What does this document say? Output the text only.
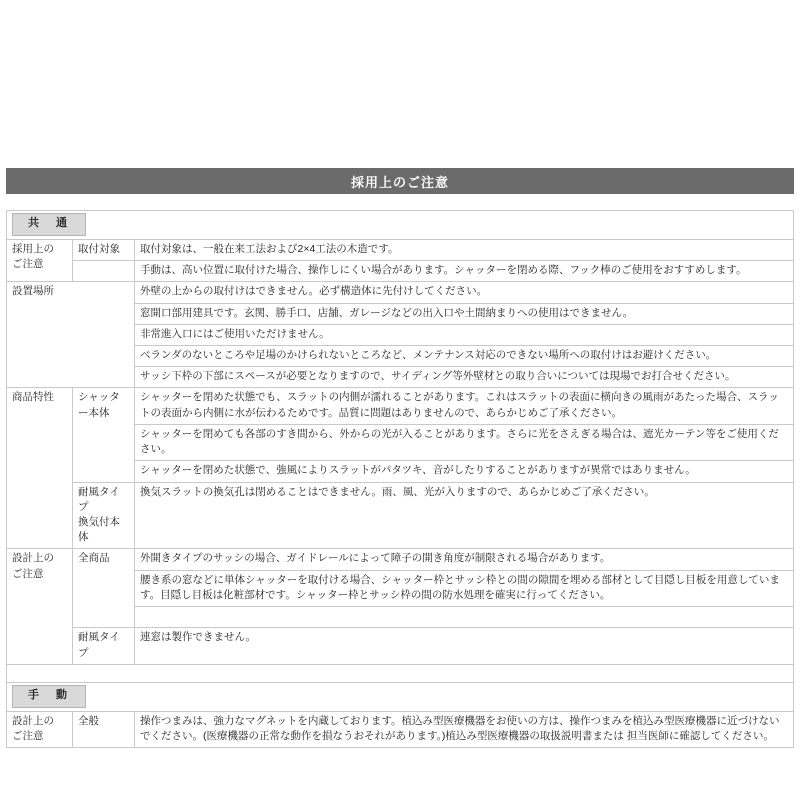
採用上のご注意
共　通		
採用上の
ご注意	取付対象	取付対象は、一般在来工法および2×4工法の木造です。
		手動は、高い位置に取付けた場合、操作しにくい場合があります。シャッターを閉める際、フック棒のご使用をおすすめします。
設置場所		外壁の上からの取付けはできません。必ず構造体に先付けしてください。
		窓開口部用建具です。玄関、勝手口、店舗、ガレージなどの出入口や土間納まりへの使用はできません。
		非常進入口にはご使用いただけません。
		ベランダのないところや足場のかけられないところなど、メンテナンス対応のできない場所への取付けはお避けください。
		サッシ下枠の下部にスペースが必要となりますので、サイディング等外壁材との取り合いについては現場でお打合せください。
商品特性	シャッター本体	シャッターを閉めた状態でも、スラットの内側が濡れることがあります。これはスラットの表面に横向きの風雨があたった場合、スラットの表面から内側に水が伝わるためです。品質に問題はありませんので、あらかじめご了承ください。
		シャッターを閉めても各部のすき間から、外からの光が入ることがあります。さらに光をさえぎる場合は、遮光カーテン等をご使用ください。
		シャッターを閉めた状態で、強風によりスラットがパタツキ、音がしたりすることがありますが異常ではありません。
	耐風タイプ
換気付本体	換気スラットの換気孔は閉めることはできません。雨、風、光が入りますので、あらかじめご了承ください。
設計上の
ご注意	全商品	外開きタイプのサッシの場合、ガイドレールによって障子の開き角度が制限される場合があります。
		腰き系の窓などに単体シャッターを取付ける場合、シャッター枠とサッシ枠との間の隙間を埋める部材として目隠し目板を用意しています。目隠し目板は化粧部材です。シャッター枠とサッシ枠の間の防水処理を確実に行ってください。

	耐風タイプ	連窓は製作できません。

手　動		
設計上の
ご注意	全般	操作つまみは、強力なマグネットを内蔵しております。植込み型医療機器をお使いの方は、操作つまみを植込み型医療機器に近づけないでください。(医療機器の正常な動作を損なうおそれがあります。)植込み型医療機器の取扱説明書または 担当医師に確認してください。
